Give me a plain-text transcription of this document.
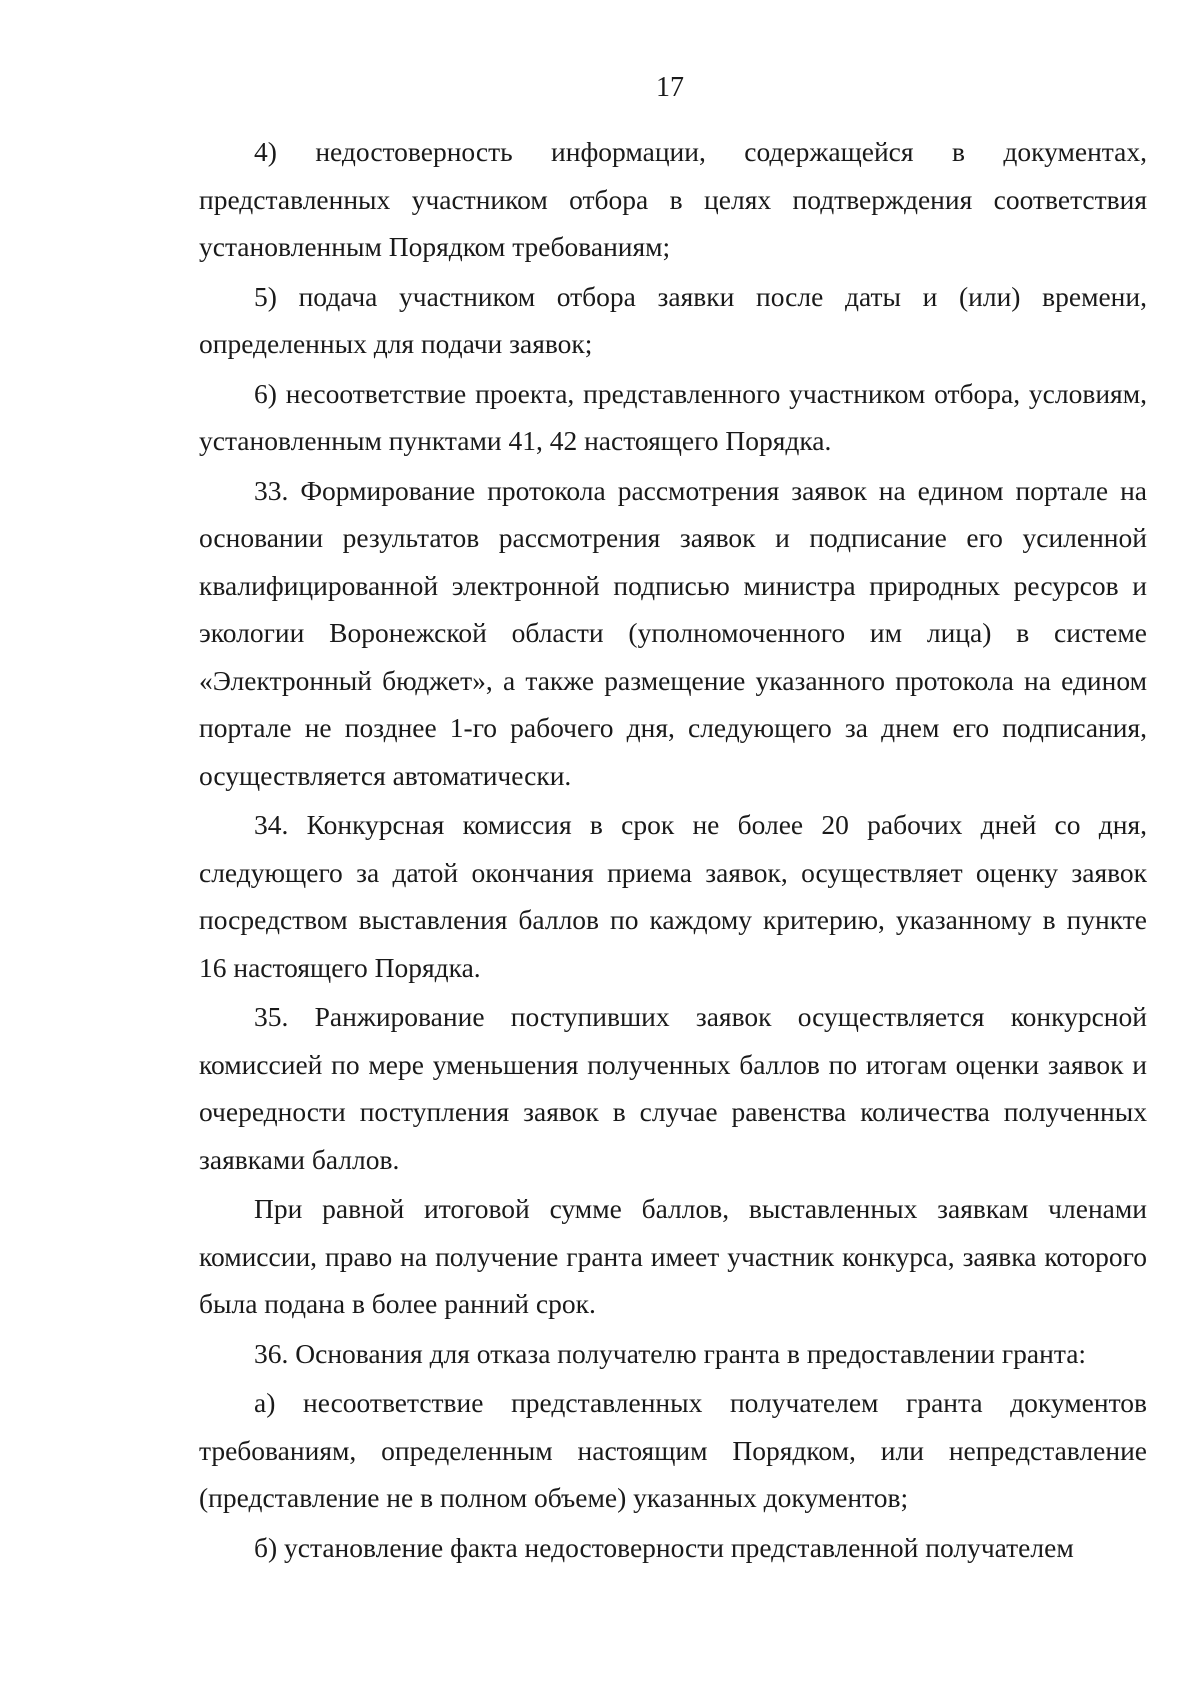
17

4) недостоверность информации, содержащейся в документах, представленных участником отбора в целях подтверждения соответствия установленным Порядком требованиям;

5) подача участником отбора заявки после даты и (или) времени, определенных для подачи заявок;

6) несоответствие проекта, представленного участником отбора, условиям, установленным пунктами 41, 42 настоящего Порядка.

33. Формирование протокола рассмотрения заявок на едином портале на основании результатов рассмотрения заявок и подписание его усиленной квалифицированной электронной подписью министра природных ресурсов и экологии Воронежской области (уполномоченного им лица) в системе «Электронный бюджет», а также размещение указанного протокола на едином портале не позднее 1-го рабочего дня, следующего за днем его подписания, осуществляется автоматически.

34. Конкурсная комиссия в срок не более 20 рабочих дней со дня, следующего за датой окончания приема заявок, осуществляет оценку заявок посредством выставления баллов по каждому критерию, указанному в пункте 16 настоящего Порядка.

35. Ранжирование поступивших заявок осуществляется конкурсной комиссией по мере уменьшения полученных баллов по итогам оценки заявок и очередности поступления заявок в случае равенства количества полученных заявками баллов.

При равной итоговой сумме баллов, выставленных заявкам членами комиссии, право на получение гранта имеет участник конкурса, заявка которого была подана в более ранний срок.

36. Основания для отказа получателю гранта в предоставлении гранта:

а) несоответствие представленных получателем гранта документов требованиям, определенным настоящим Порядком, или непредставление (представление не в полном объеме) указанных документов;

б) установление факта недостоверности представленной получателем
